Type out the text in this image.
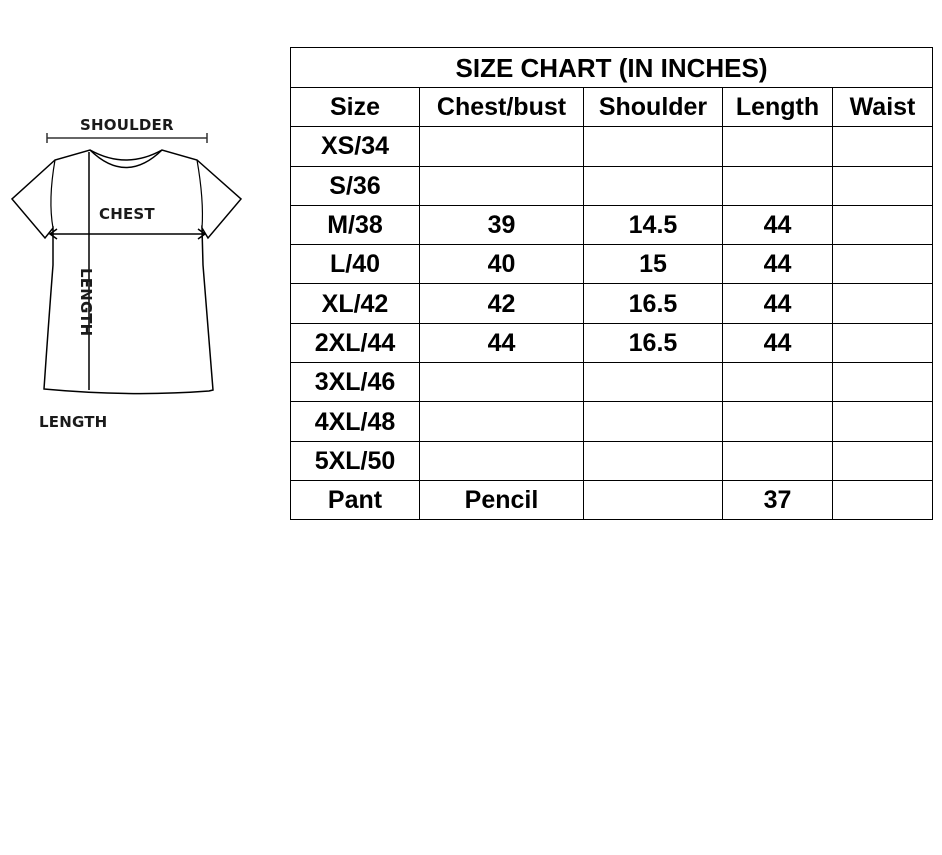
SHOULDER
CHEST
LENGTH
LENGTH
SIZE CHART (IN INCHES)				
Size	Chest/bust	Shoulder	Length	Waist
XS/34				
S/36				
M/38	39	14.5	44	
L/40	40	15	44	
XL/42	42	16.5	44	
2XL/44	44	16.5	44	
3XL/46				
4XL/48				
5XL/50				
Pant	Pencil		37	
